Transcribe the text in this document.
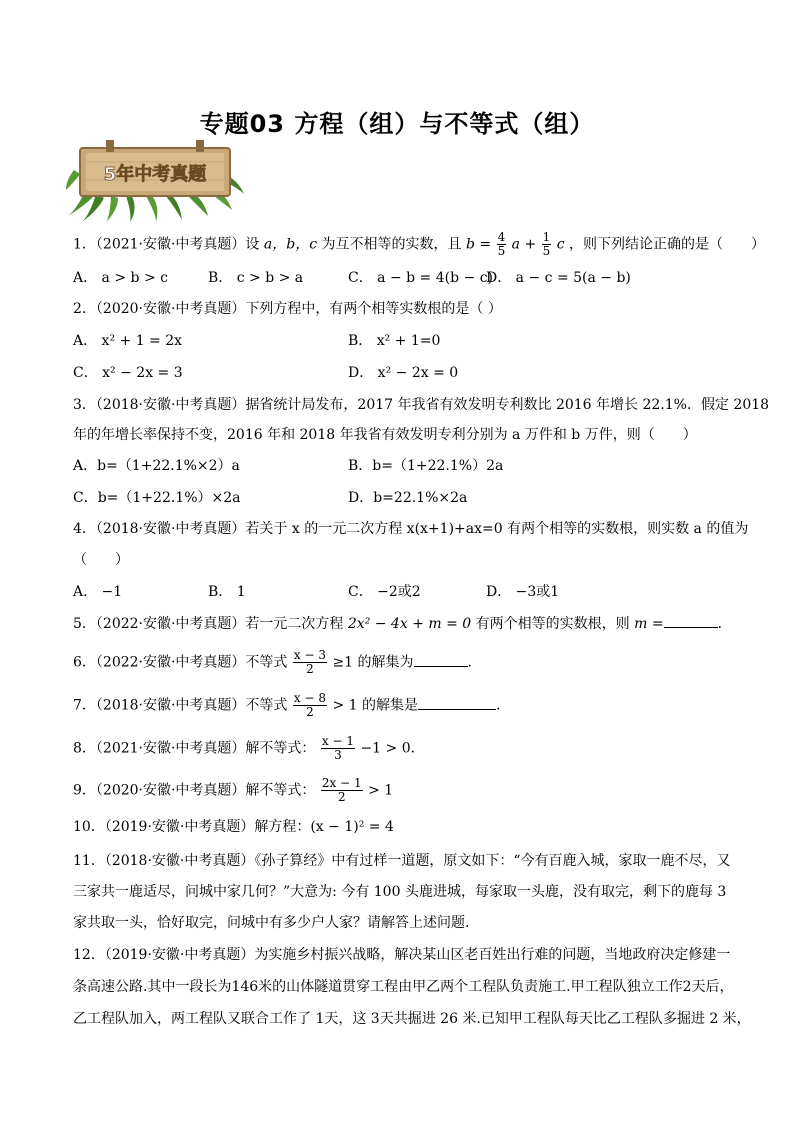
专题03 方程（组）与不等式（组）
5年中考真题
1．（2021·安徽·中考真题）设 a，b，c 为互不相等的实数，且 $b = \frac{4}{5}$ $a + \frac{1}{5}$ c ，则下列结论正确的是（　　）
A． a > b > c	B． c > b > a	C． a − b = 4(b − c)
D． a − c = 5(a − b)
2．（2020·安徽·中考真题）下列方程中，有两个相等实数根的是（ ）
A． x² + 1 = 2x	B． x² + 1=0
C． x² − 2x = 3	D． x² − 2x = 0
3．（2018·安徽·中考真题）据省统计局发布，2017 年我省有效发明专利数比 2016 年增长 22.1%．假定 2018
年的年增长率保持不变，2016 年和 2018 年我省有效发明专利分别为 a 万件和 b 万件，则（　　）
A．b=（1+22.1%×2）a	B．b=（1+22.1%）2a
C．b=（1+22.1%）×2a	D．b=22.1%×2a
4．（2018·安徽·中考真题）若关于 x 的一元二次方程 x(x+1)+ax=0 有两个相等的实数根，则实数 a 的值为
（　　）
A． −1	B． 1	C． −2或2	D． −3或1
5．（2022·安徽·中考真题）若一元二次方程 2x² − 4x + m = 0 有两个相等的实数根，则 m =	．
6．（2022·安徽·中考真题）不等式 $\frac{x - 3}{2} \ge 1$ 的解集为	．
7．（2018·安徽·中考真题）不等式 $\frac{x - 8}{2} > 1$ 的解集是	.
8．（2021·安徽·中考真题）解不等式： $\frac{x - 1}{3} -1 > 0$．
9．（2020·安徽·中考真题）解不等式： $\frac{2x - 1}{2} > 1$
10．（2019·安徽·中考真题）解方程：(x − 1)² = 4
11．（2018·安徽·中考真题）《孙子算经》中有过样一道题，原文如下：“今有百鹿入城，家取一鹿不尽，又
三家共一鹿适尽，问城中家几何？”大意为: 今有 100 头鹿进城，每家取一头鹿，没有取完，剩下的鹿每 3
家共取一头，恰好取完，问城中有多少户人家？请解答上述问题.
12．（2019·安徽·中考真题）为实施乡村振兴战略，解决某山区老百姓出行难的问题，当地政府决定修建一
条高速公路.其中一段长为146米的山体隧道贯穿工程由甲乙两个工程队负责施工.甲工程队独立工作2天后，
乙工程队加入，两工程队又联合工作了 1天，这 3天共掘进 26 米.已知甲工程队每天比乙工程队多掘进 2 米，
